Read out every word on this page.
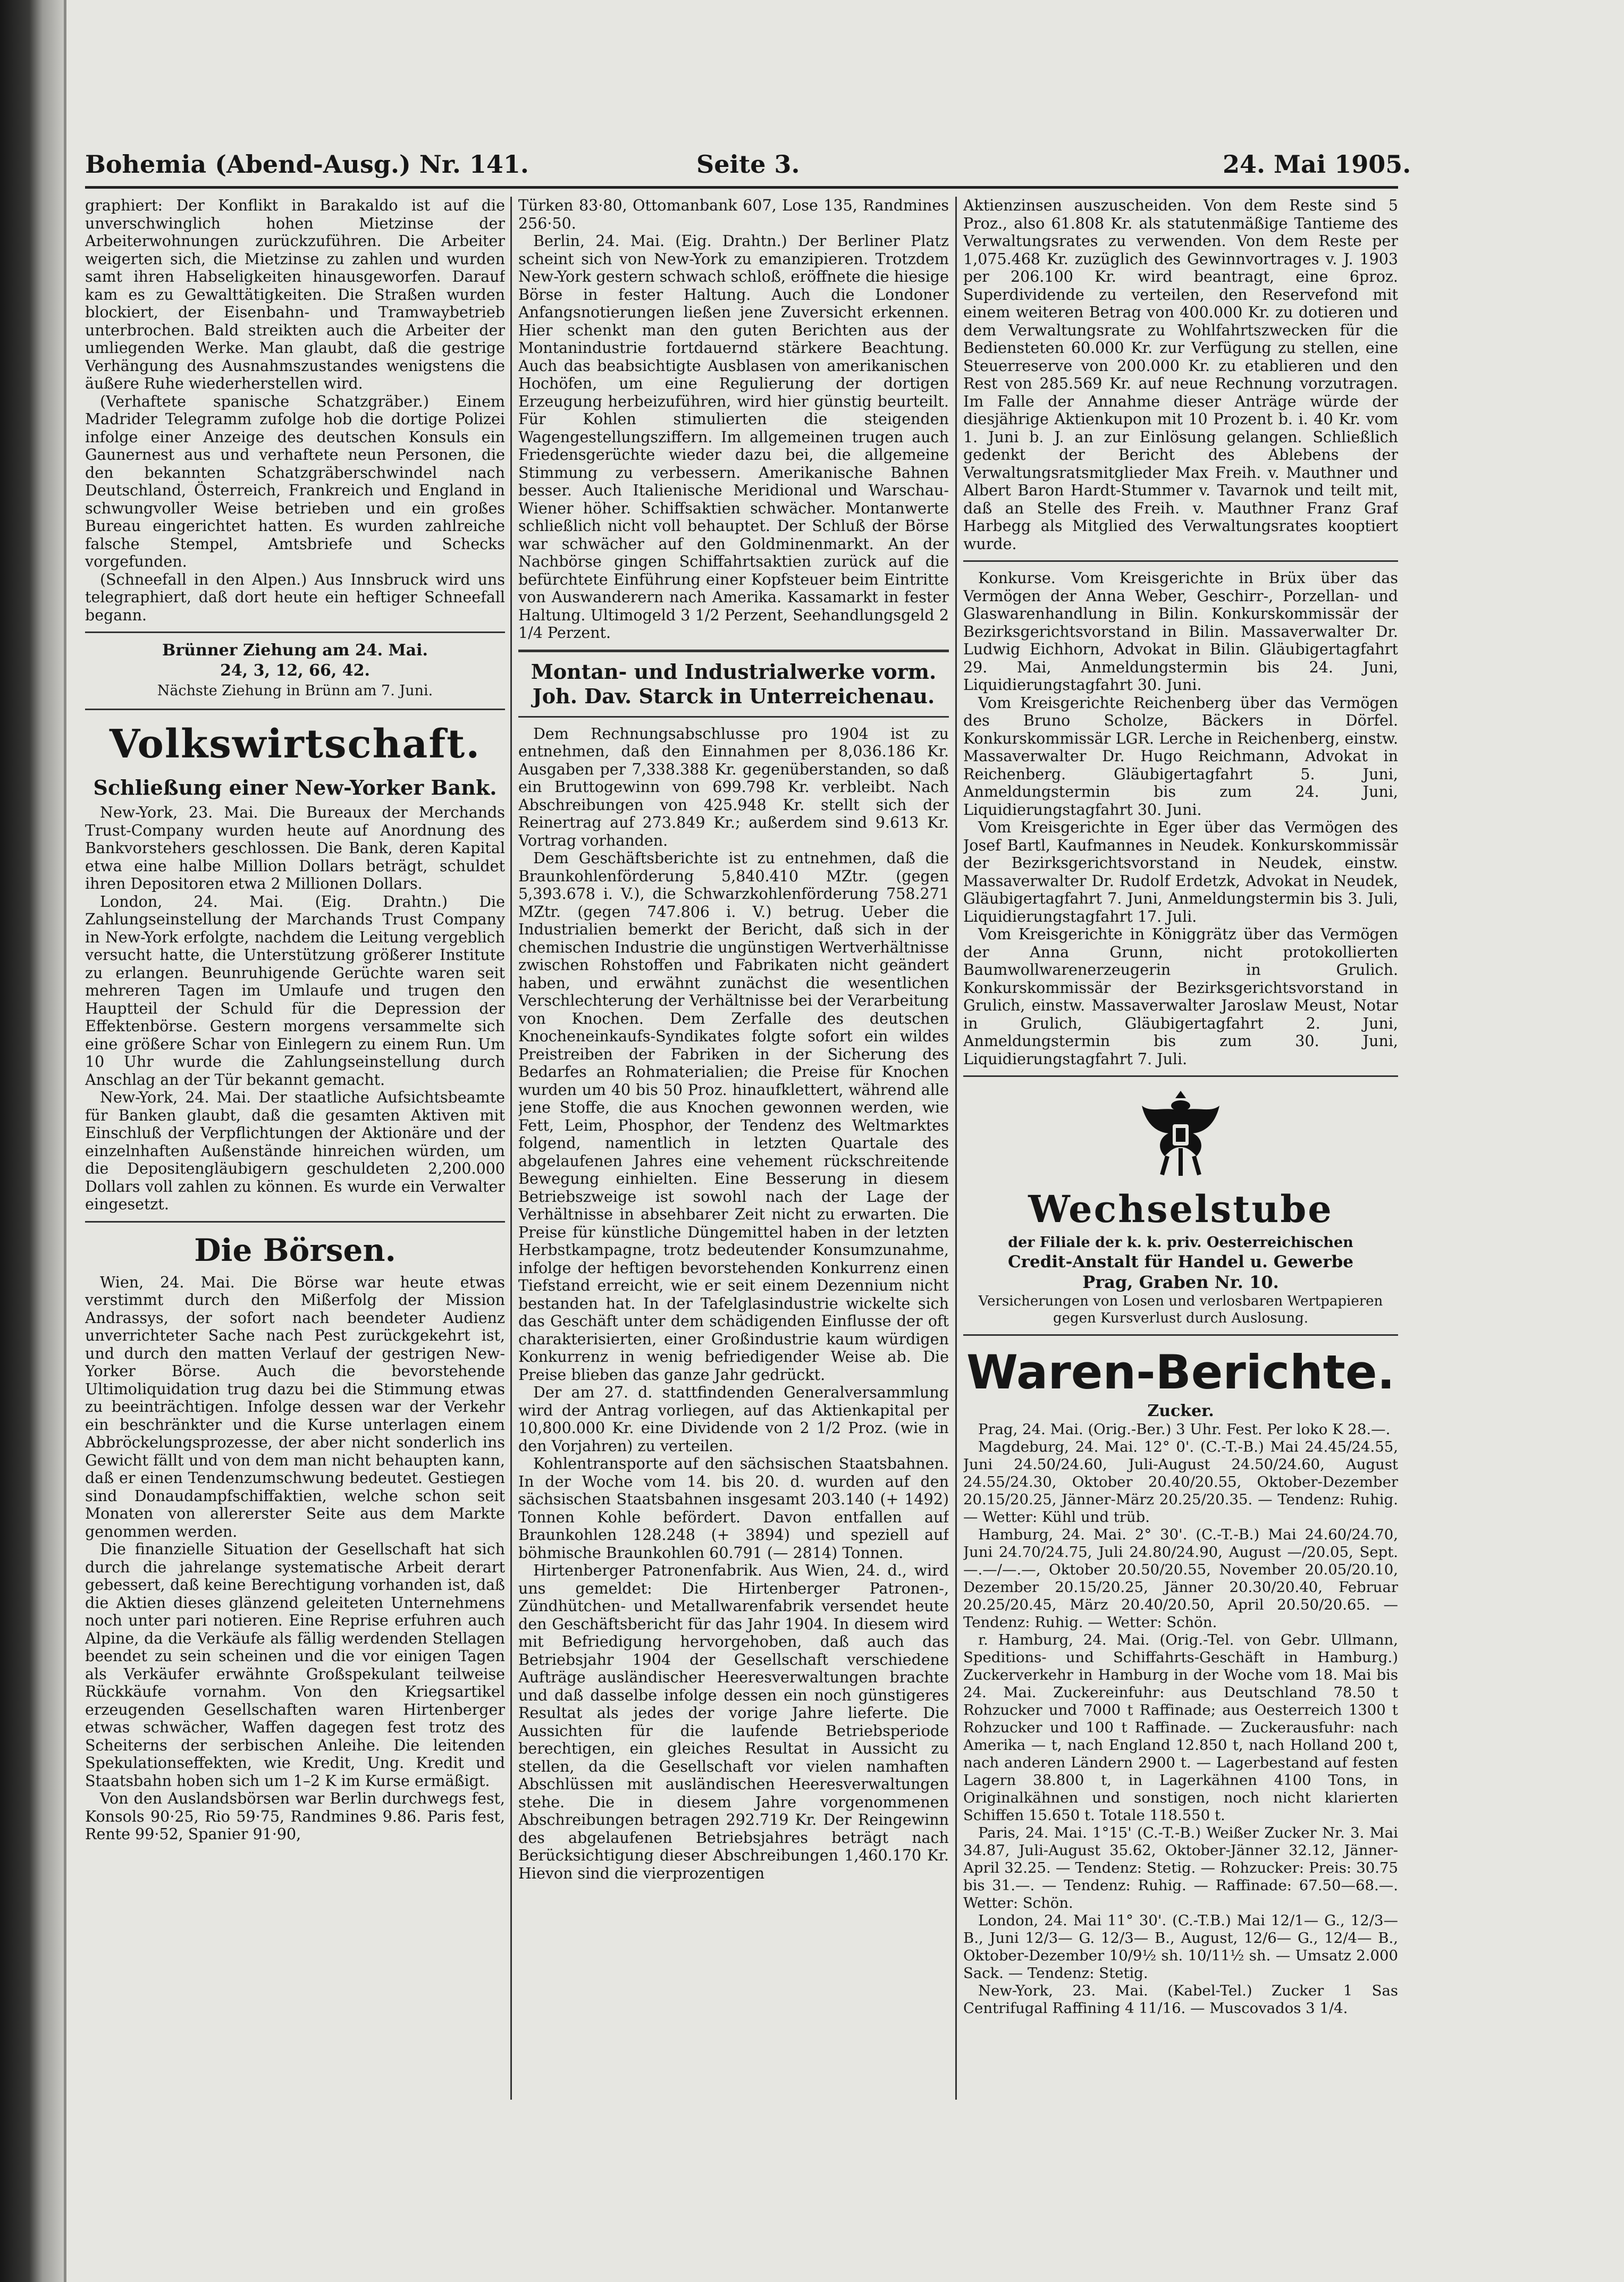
Bohemia (Abend-Ausg.) Nr. 141.	Seite 3.	24. Mai 1905.

graphiert: Der Konflikt in Barakaldo ist auf die unverschwinglich hohen Mietzinse der Arbeiterwohnungen zurückzuführen. Die Arbeiter weigerten sich, die Mietzinse zu zahlen und wurden samt ihren Habseligkeiten hinausgeworfen. Darauf kam es zu Gewalttätigkeiten. Die Straßen wurden blockiert, der Eisenbahn- und Tramwaybetrieb unterbrochen. Bald streikten auch die Arbeiter der umliegenden Werke. Man glaubt, daß die gestrige Verhängung des Ausnahmszustandes wenigstens die äußere Ruhe wiederherstellen wird.

(Verhaftete spanische Schatzgräber.) Einem Madrider Telegramm zufolge hob die dortige Polizei infolge einer Anzeige des deutschen Konsuls ein Gaunernest aus und verhaftete neun Personen, die den bekannten Schatzgräberschwindel nach Deutschland, Österreich, Frankreich und England in schwungvoller Weise betrieben und ein großes Bureau eingerichtet hatten. Es wurden zahlreiche falsche Stempel, Amtsbriefe und Schecks vorgefunden.

(Schneefall in den Alpen.) Aus Innsbruck wird uns telegraphiert, daß dort heute ein heftiger Schneefall begann.

Brünner Ziehung am 24. Mai.
24, 3, 12, 66, 42.
Nächste Ziehung in Brünn am 7. Juni.
Volkswirtschaft.
Schließung einer New-Yorker Bank.

New-York, 23. Mai. Die Bureaux der Merchands Trust-Company wurden heute auf Anordnung des Bankvorstehers geschlossen. Die Bank, deren Kapital etwa eine halbe Million Dollars beträgt, schuldet ihren Depositoren etwa 2 Millionen Dollars.

London, 24. Mai. (Eig. Drahtn.) Die Zahlungseinstellung der Marchands Trust Company in New-York erfolgte, nachdem die Leitung vergeblich versucht hatte, die Unterstützung größerer Institute zu erlangen. Beunruhigende Gerüchte waren seit mehreren Tagen im Umlaufe und trugen den Hauptteil der Schuld für die Depression der Effektenbörse. Gestern morgens versammelte sich eine größere Schar von Einlegern zu einem Run. Um 10 Uhr wurde die Zahlungseinstellung durch Anschlag an der Tür bekannt gemacht.

New-York, 24. Mai. Der staatliche Aufsichtsbeamte für Banken glaubt, daß die gesamten Aktiven mit Einschluß der Verpflichtungen der Aktionäre und der einzelnhaften Außenstände hinreichen würden, um die Depositengläubigern geschuldeten 2,200.000 Dollars voll zahlen zu können. Es wurde ein Verwalter eingesetzt.

Die Börsen.

Wien, 24. Mai. Die Börse war heute etwas verstimmt durch den Mißerfolg der Mission Andrassys, der sofort nach beendeter Audienz unverrichteter Sache nach Pest zurückgekehrt ist, und durch den matten Verlauf der gestrigen New-Yorker Börse. Auch die bevorstehende Ultimoliquidation trug dazu bei die Stimmung etwas zu beeinträchtigen. Infolge dessen war der Verkehr ein beschränkter und die Kurse unterlagen einem Abbröckelungsprozesse, der aber nicht sonderlich ins Gewicht fällt und von dem man nicht behaupten kann, daß er einen Tendenzumschwung bedeutet. Gestiegen sind Donaudampfschiffaktien, welche schon seit Monaten von allererster Seite aus dem Markte genommen werden.

Die finanzielle Situation der Gesellschaft hat sich durch die jahrelange systematische Arbeit derart gebessert, daß keine Berechtigung vorhanden ist, daß die Aktien dieses glänzend geleiteten Unternehmens noch unter pari notieren. Eine Reprise erfuhren auch Alpine, da die Verkäufe als fällig werdenden Stellagen beendet zu sein scheinen und die vor einigen Tagen als Verkäufer erwähnte Großspekulant teilweise Rückkäufe vornahm. Von den Kriegsartikel erzeugenden Gesellschaften waren Hirtenberger etwas schwächer, Waffen dagegen fest trotz des Scheiterns der serbischen Anleihe. Die leitenden Spekulationseffekten, wie Kredit, Ung. Kredit und Staatsbahn hoben sich um 1–2 K im Kurse ermäßigt.

Von den Auslandsbörsen war Berlin durchwegs fest, Konsols 90·25, Rio 59·75, Randmines 9.86. Paris fest, Rente 99·52, Spanier 91·90,

Türken 83·80, Ottomanbank 607, Lose 135, Randmines 256·50.

Berlin, 24. Mai. (Eig. Drahtn.) Der Berliner Platz scheint sich von New-York zu emanzipieren. Trotzdem New-York gestern schwach schloß, eröffnete die hiesige Börse in fester Haltung. Auch die Londoner Anfangsnotierungen ließen jene Zuversicht erkennen. Hier schenkt man den guten Berichten aus der Montanindustrie fortdauernd stärkere Beachtung. Auch das beabsichtigte Ausblasen von amerikanischen Hochöfen, um eine Regulierung der dortigen Erzeugung herbeizuführen, wird hier günstig beurteilt. Für Kohlen stimulierten die steigenden Wagengestellungsziffern. Im allgemeinen trugen auch Friedensgerüchte wieder dazu bei, die allgemeine Stimmung zu verbessern. Amerikanische Bahnen besser. Auch Italienische Meridional und Warschau-Wiener höher. Schiffsaktien schwächer. Montanwerte schließlich nicht voll behauptet. Der Schluß der Börse war schwächer auf den Goldminenmarkt. An der Nachbörse gingen Schiffahrtsaktien zurück auf die befürchtete Einführung einer Kopfsteuer beim Eintritte von Auswanderern nach Amerika. Kassamarkt in fester Haltung. Ultimogeld 3 1/2 Perzent, Seehandlungsgeld 2 1/4 Perzent.

Montan- und Industrialwerke vorm. Joh. Dav. Starck in Unterreichenau.

Dem Rechnungsabschlusse pro 1904 ist zu entnehmen, daß den Einnahmen per 8,036.186 Kr. Ausgaben per 7,338.388 Kr. gegenüberstanden, so daß ein Bruttogewinn von 699.798 Kr. verbleibt. Nach Abschreibungen von 425.948 Kr. stellt sich der Reinertrag auf 273.849 Kr.; außerdem sind 9.613 Kr. Vortrag vorhanden.

Dem Geschäftsberichte ist zu entnehmen, daß die Braunkohlenförderung 5,840.410 MZtr. (gegen 5,393.678 i. V.), die Schwarzkohlenförderung 758.271 MZtr. (gegen 747.806 i. V.) betrug. Ueber die Industrialien bemerkt der Bericht, daß sich in der chemischen Industrie die ungünstigen Wertverhältnisse zwischen Rohstoffen und Fabrikaten nicht geändert haben, und erwähnt zunächst die wesentlichen Verschlechterung der Verhältnisse bei der Verarbeitung von Knochen. Dem Zerfalle des deutschen Knocheneinkaufs-Syndikates folgte sofort ein wildes Preistreiben der Fabriken in der Sicherung des Bedarfes an Rohmaterialien; die Preise für Knochen wurden um 40 bis 50 Proz. hinaufklettert, während alle jene Stoffe, die aus Knochen gewonnen werden, wie Fett, Leim, Phosphor, der Tendenz des Weltmarktes folgend, namentlich in letzten Quartale des abgelaufenen Jahres eine vehement rückschreitende Bewegung einhielten. Eine Besserung in diesem Betriebszweige ist sowohl nach der Lage der Verhältnisse in absehbarer Zeit nicht zu erwarten. Die Preise für künstliche Düngemittel haben in der letzten Herbstkampagne, trotz bedeutender Konsumzunahme, infolge der heftigen bevorstehenden Konkurrenz einen Tiefstand erreicht, wie er seit einem Dezennium nicht bestanden hat. In der Tafelglasindustrie wickelte sich das Geschäft unter dem schädigenden Einflusse der oft charakterisierten, einer Großindustrie kaum würdigen Konkurrenz in wenig befriedigender Weise ab. Die Preise blieben das ganze Jahr gedrückt.

Der am 27. d. stattfindenden Generalversammlung wird der Antrag vorliegen, auf das Aktienkapital per 10,800.000 Kr. eine Dividende von 2 1/2 Proz. (wie in den Vorjahren) zu verteilen.

Kohlentransporte auf den sächsischen Staatsbahnen. In der Woche vom 14. bis 20. d. wurden auf den sächsischen Staatsbahnen insgesamt 203.140 (+ 1492) Tonnen Kohle befördert. Davon entfallen auf Braunkohlen 128.248 (+ 3894) und speziell auf böhmische Braunkohlen 60.791 (— 2814) Tonnen.

Hirtenberger Patronenfabrik. Aus Wien, 24. d., wird uns gemeldet: Die Hirtenberger Patronen-, Zündhütchen- und Metallwarenfabrik versendet heute den Geschäftsbericht für das Jahr 1904. In diesem wird mit Befriedigung hervorgehoben, daß auch das Betriebsjahr 1904 der Gesellschaft verschiedene Aufträge ausländischer Heeresverwaltungen brachte und daß dasselbe infolge dessen ein noch günstigeres Resultat als jedes der vorige Jahre lieferte. Die Aussichten für die laufende Betriebsperiode berechtigen, ein gleiches Resultat in Aussicht zu stellen, da die Gesellschaft vor vielen namhaften Abschlüssen mit ausländischen Heeresverwaltungen stehe. Die in diesem Jahre vorgenommenen Abschreibungen betragen 292.719 Kr. Der Reingewinn des abgelaufenen Betriebsjahres beträgt nach Berücksichtigung dieser Abschreibungen 1,460.170 Kr. Hievon sind die vierprozentigen

Aktienzinsen auszuscheiden. Von dem Reste sind 5 Proz., also 61.808 Kr. als statutenmäßige Tantieme des Verwaltungsrates zu verwenden. Von dem Reste per 1,075.468 Kr. zuzüglich des Gewinnvortrages v. J. 1903 per 206.100 Kr. wird beantragt, eine 6proz. Superdividende zu verteilen, den Reservefond mit einem weiteren Betrag von 400.000 Kr. zu dotieren und dem Verwaltungsrate zu Wohlfahrtszwecken für die Bediensteten 60.000 Kr. zur Verfügung zu stellen, eine Steuerreserve von 200.000 Kr. zu etablieren und den Rest von 285.569 Kr. auf neue Rechnung vorzutragen. Im Falle der Annahme dieser Anträge würde der diesjährige Aktienkupon mit 10 Prozent b. i. 40 Kr. vom 1. Juni b. J. an zur Einlösung gelangen. Schließlich gedenkt der Bericht des Ablebens der Verwaltungsratsmitglieder Max Freih. v. Mauthner und Albert Baron Hardt-Stummer v. Tavarnok und teilt mit, daß an Stelle des Freih. v. Mauthner Franz Graf Harbegg als Mitglied des Verwaltungsrates kooptiert wurde.

Konkurse. Vom Kreisgerichte in Brüx über das Vermögen der Anna Weber, Geschirr-, Porzellan- und Glaswarenhandlung in Bilin. Konkurskommissär der Bezirksgerichtsvorstand in Bilin. Massaverwalter Dr. Ludwig Eichhorn, Advokat in Bilin. Gläubigertagfahrt 29. Mai, Anmeldungstermin bis 24. Juni, Liquidierungstagfahrt 30. Juni.

Vom Kreisgerichte Reichenberg über das Vermögen des Bruno Scholze, Bäckers in Dörfel. Konkurskommissär LGR. Lerche in Reichenberg, einstw. Massaverwalter Dr. Hugo Reichmann, Advokat in Reichenberg. Gläubigertagfahrt 5. Juni, Anmeldungstermin bis zum 24. Juni, Liquidierungstagfahrt 30. Juni.

Vom Kreisgerichte in Eger über das Vermögen des Josef Bartl, Kaufmannes in Neudek. Konkurskommissär der Bezirksgerichtsvorstand in Neudek, einstw. Massaverwalter Dr. Rudolf Erdetzk, Advokat in Neudek, Gläubigertagfahrt 7. Juni, Anmeldungstermin bis 3. Juli, Liquidierungstagfahrt 17. Juli.

Vom Kreisgerichte in Königgrätz über das Vermögen der Anna Grunn, nicht protokollierten Baumwollwarenerzeugerin in Grulich. Konkurskommissär der Bezirksgerichtsvorstand in Grulich, einstw. Massaverwalter Jaroslaw Meust, Notar in Grulich, Gläubigertagfahrt 2. Juni, Anmeldungstermin bis zum 30. Juni, Liquidierungstagfahrt 7. Juli.

Wechselstube
der Filiale der k. k. priv. Oesterreichischen
Credit-Anstalt für Handel u. Gewerbe
Prag, Graben Nr. 10.
Versicherungen von Losen und verlosbaren Wertpapieren
gegen Kursverlust durch Auslosung.
Waren-Berichte.
Zucker.

Prag, 24. Mai. (Orig.-Ber.) 3 Uhr. Fest. Per loko K 28.—.

Magdeburg, 24. Mai. 12° 0'. (C.-T.-B.) Mai 24.45/24.55, Juni 24.50/24.60, Juli-August 24.50/24.60, August 24.55/24.30, Oktober 20.40/20.55, Oktober-Dezember 20.15/20.25, Jänner-März 20.25/20.35. — Tendenz: Ruhig. — Wetter: Kühl und trüb.

Hamburg, 24. Mai. 2° 30'. (C.-T.-B.) Mai 24.60/24.70, Juni 24.70/24.75, Juli 24.80/24.90, August —/20.05, Sept. —.—/—.—, Oktober 20.50/20.55, November 20.05/20.10, Dezember 20.15/20.25, Jänner 20.30/20.40, Februar 20.25/20.45, März 20.40/20.50, April 20.50/20.65. — Tendenz: Ruhig. — Wetter: Schön.

r. Hamburg, 24. Mai. (Orig.-Tel. von Gebr. Ullmann, Speditions- und Schiffahrts-Geschäft in Hamburg.) Zuckerverkehr in Hamburg in der Woche vom 18. Mai bis 24. Mai. Zuckereinfuhr: aus Deutschland 78.50 t Rohzucker und 7000 t Raffinade; aus Oesterreich 1300 t Rohzucker und 100 t Raffinade. — Zuckerausfuhr: nach Amerika — t, nach England 12.850 t, nach Holland 200 t, nach anderen Ländern 2900 t. — Lagerbestand auf festen Lagern 38.800 t, in Lagerkähnen 4100 Tons, in Originalkähnen und sonstigen, noch nicht klarierten Schiffen 15.650 t. Totale 118.550 t.

Paris, 24. Mai. 1°15' (C.-T.-B.) Weißer Zucker Nr. 3. Mai 34.87, Juli-August 35.62, Oktober-Jänner 32.12, Jänner-April 32.25. — Tendenz: Stetig. — Rohzucker: Preis: 30.75 bis 31.—. — Tendenz: Ruhig. — Raffinade: 67.50—68.—. Wetter: Schön.

London, 24. Mai 11° 30'. (C.-T.B.) Mai 12/1— G., 12/3— B., Juni 12/3— G. 12/3— B., August, 12/6— G., 12/4— B., Oktober-Dezember 10/9½ sh. 10/11½ sh. — Umsatz 2.000 Sack. — Tendenz: Stetig.

New-York, 23. Mai. (Kabel-Tel.) Zucker 1 Sas Centrifugal Raffining 4 11/16. — Muscovados 3 1/4.
